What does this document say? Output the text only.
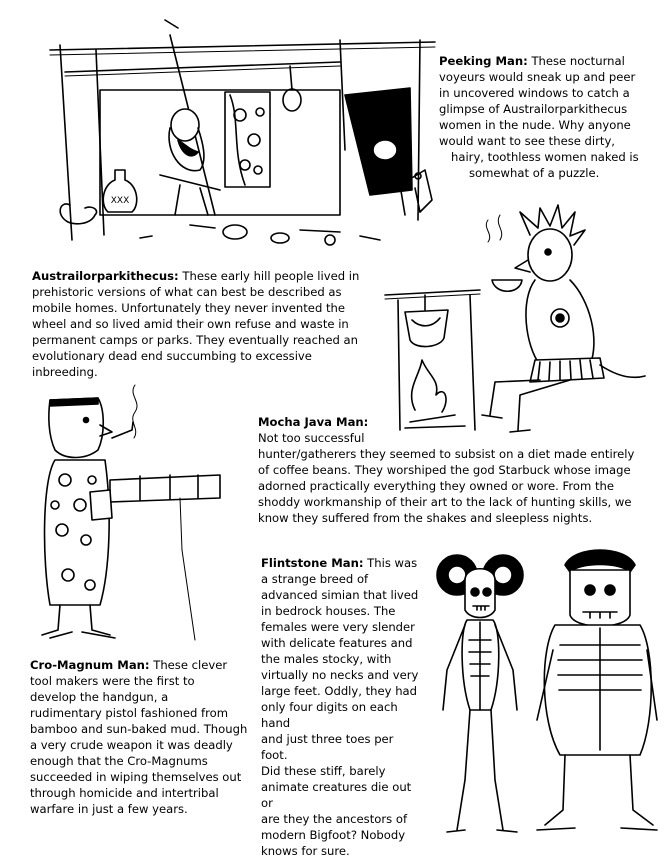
XXX
Peeking Man: These nocturnal
voyeurs would sneak up and peer
in uncovered windows to catch a
glimpse of Austrailorparkithecus
women in the nude. Why anyone
would want to see these dirty,
hairy, toothless women naked is
somewhat of a puzzle.
Austrailorparkithecus: These early hill people lived in
prehistoric versions of what can best be described as
mobile homes. Unfortunately they never invented the
wheel and so lived amid their own refuse and waste in
permanent camps or parks. They eventually reached an
evolutionary dead end succumbing to excessive inbreeding.
Mocha Java Man:
Not too successful
hunter/gatherers they seemed to subsist on a diet made entirely
of coffee beans. They worshiped the god Starbuck whose image
adorned practically everything they owned or wore. From the
shoddy workmanship of their art to the lack of hunting skills, we
know they suffered from the shakes and sleepless nights.
Flintstone Man: This was
a strange breed of
advanced simian that lived
in bedrock houses. The
females were very slender
with delicate features and
the males stocky, with
virtually no necks and very
large feet. Oddly, they had
only four digits on each hand
and just three toes per foot.
Did these stiff, barely
animate creatures die out or
are they the ancestors of
modern Bigfoot? Nobody
knows for sure.
Cro-Magnum Man: These clever
tool makers were the first to
develop the handgun, a
rudimentary pistol fashioned from
bamboo and sun-baked mud. Though
a very crude weapon it was deadly
enough that the Cro-Magnums
succeeded in wiping themselves out
through homicide and intertribal
warfare in just a few years.
